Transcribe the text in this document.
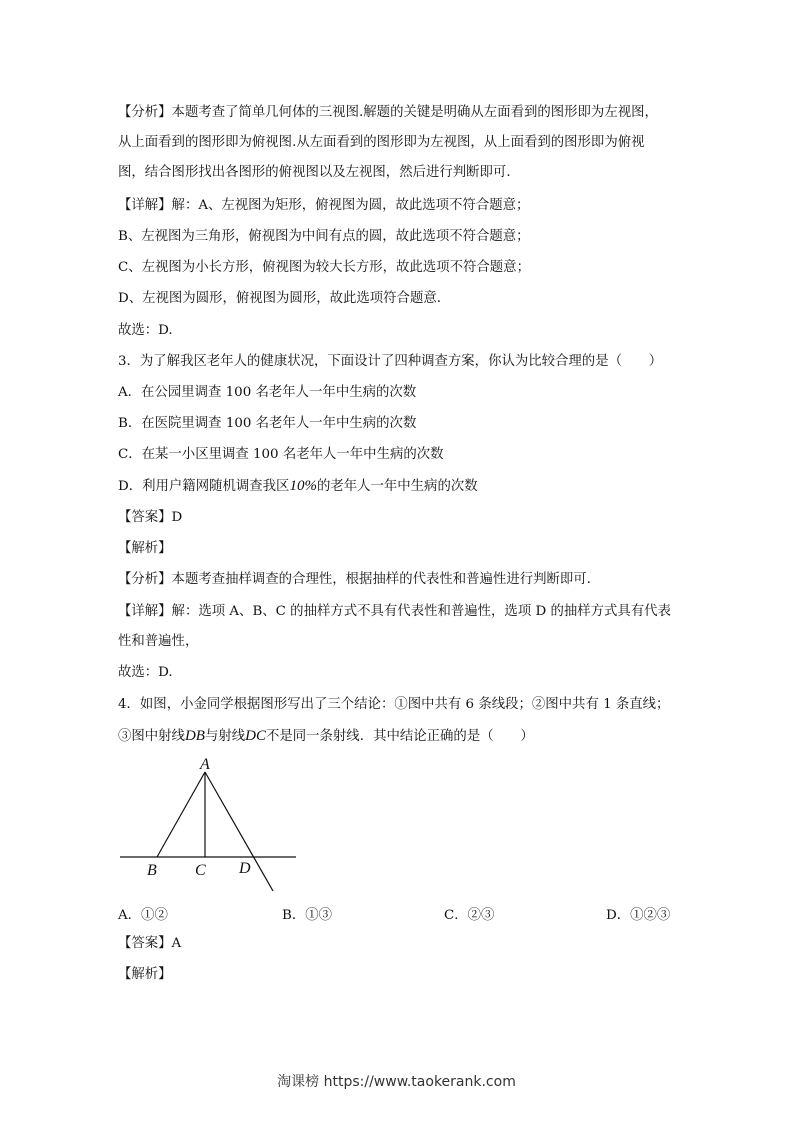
【分析】本题考查了简单几何体的三视图.解题的关键是明确从左面看到的图形即为左视图，
从上面看到的图形即为俯视图.从左面看到的图形即为左视图，从上面看到的图形即为俯视
图，结合图形找出各图形的俯视图以及左视图，然后进行判断即可.
【详解】解：A、左视图为矩形，俯视图为圆，故此选项不符合题意；
B、左视图为三角形，俯视图为中间有点的圆，故此选项不符合题意；
C、左视图为小长方形，俯视图为较大长方形，故此选项不符合题意；
D、左视图为圆形，俯视图为圆形，故此选项符合题意.
故选：D.
3．为了解我区老年人的健康状况，下面设计了四种调查方案，你认为比较合理的是（　　）
A．在公园里调查 100 名老年人一年中生病的次数
B．在医院里调查 100 名老年人一年中生病的次数
C．在某一小区里调查 100 名老年人一年中生病的次数
D．利用户籍网随机调查我区10%的老年人一年中生病的次数
【答案】D
【解析】
【分析】本题考查抽样调查的合理性，根据抽样的代表性和普遍性进行判断即可.
【详解】解：选项 A、B、C 的抽样方式不具有代表性和普遍性，选项 D 的抽样方式具有代表
性和普遍性，
故选：D.
4．如图，小金同学根据图形写出了三个结论：①图中共有 6 条线段；②图中共有 1 条直线；
③图中射线DB与射线DC不是同一条射线．其中结论正确的是（　　）
A
B C D
A．①②	B．①③	C．②③	D．①②③
【答案】A
【解析】
淘课榜 https://www.taokerank.com
